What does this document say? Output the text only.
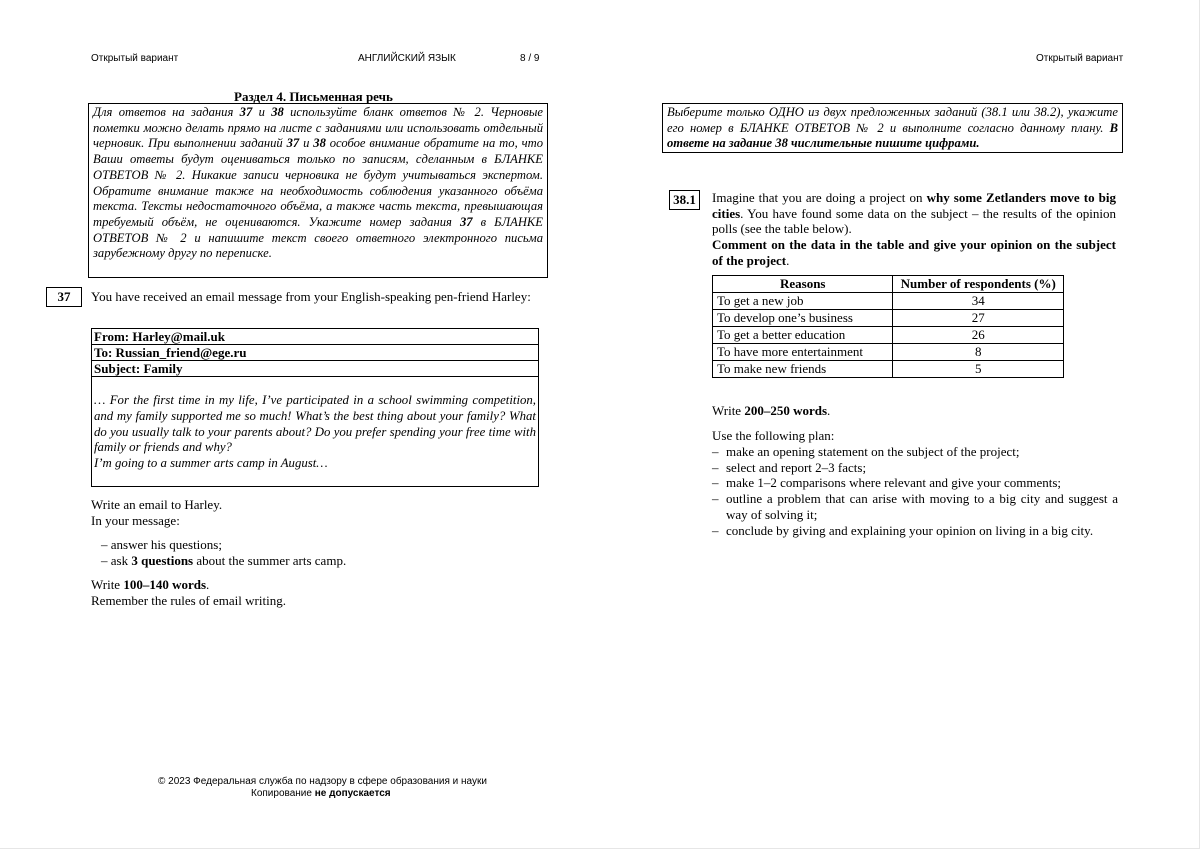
Открытый вариант	АНГЛИЙСКИЙ ЯЗЫК	8 / 9	Открытый вариант
Раздел 4. Письменная речь
Для ответов на задания 37 и 38 используйте бланк ответов № 2. Черновые пометки можно делать прямо на листе с заданиями или использовать отдельный черновик. При выполнении заданий 37 и 38 особое внимание обратите на то, что Ваши ответы будут оцениваться только по записям, сделанным в БЛАНКЕ ОТВЕТОВ № 2. Никакие записи черновика не будут учитываться экспертом. Обратите внимание также на необходимость соблюдения указанного объёма текста. Тексты недостаточного объёма, а также часть текста, превышающая требуемый объём, не оцениваются. Укажите номер задания 37 в БЛАНКЕ ОТВЕТОВ № 2 и напишите текст своего ответного электронного письма зарубежному другу по переписке.
37	You have received an email message from your English-speaking pen-friend Harley:
From: Harley@mail.uk
To: Russian_friend@ege.ru
Subject: Family
… For the first time in my life, I’ve participated in a school swimming competition, and my family supported me so much! What’s the best thing about your family? What do you usually talk to your parents about? Do you prefer spending your free time with family or friends and why?
I’m going to a summer arts camp in August…
Write an email to Harley.
In your message:
– answer his questions;
– ask 3 questions about the summer arts camp.
Write 100–140 words.
Remember the rules of email writing.
Выберите только ОДНО из двух предложенных заданий (38.1 или 38.2), укажите его номер в БЛАНКЕ ОТВЕТОВ № 2 и выполните согласно данному плану. В ответе на задание 38 числительные пишите цифрами.
38.1	Imagine that you are doing a project on why some Zetlanders move to big cities. You have found some data on the subject – the results of the opinion polls (see the table below).
Comment on the data in the table and give your opinion on the subject of the project.
Reasons	Number of respondents (%)
To get a new job	34
To develop one’s business	27
To get a better education	26
To have more entertainment	8
To make new friends	5
Write 200–250 words.
Use the following plan:
– make an opening statement on the subject of the project;
– select and report 2–3 facts;
– make 1–2 comparisons where relevant and give your comments;
– outline a problem that can arise with moving to a big city and suggest a way of solving it;
– conclude by giving and explaining your opinion on living in a big city.
© 2023 Федеральная служба по надзору в сфере образования и науки
Копирование не допускается
